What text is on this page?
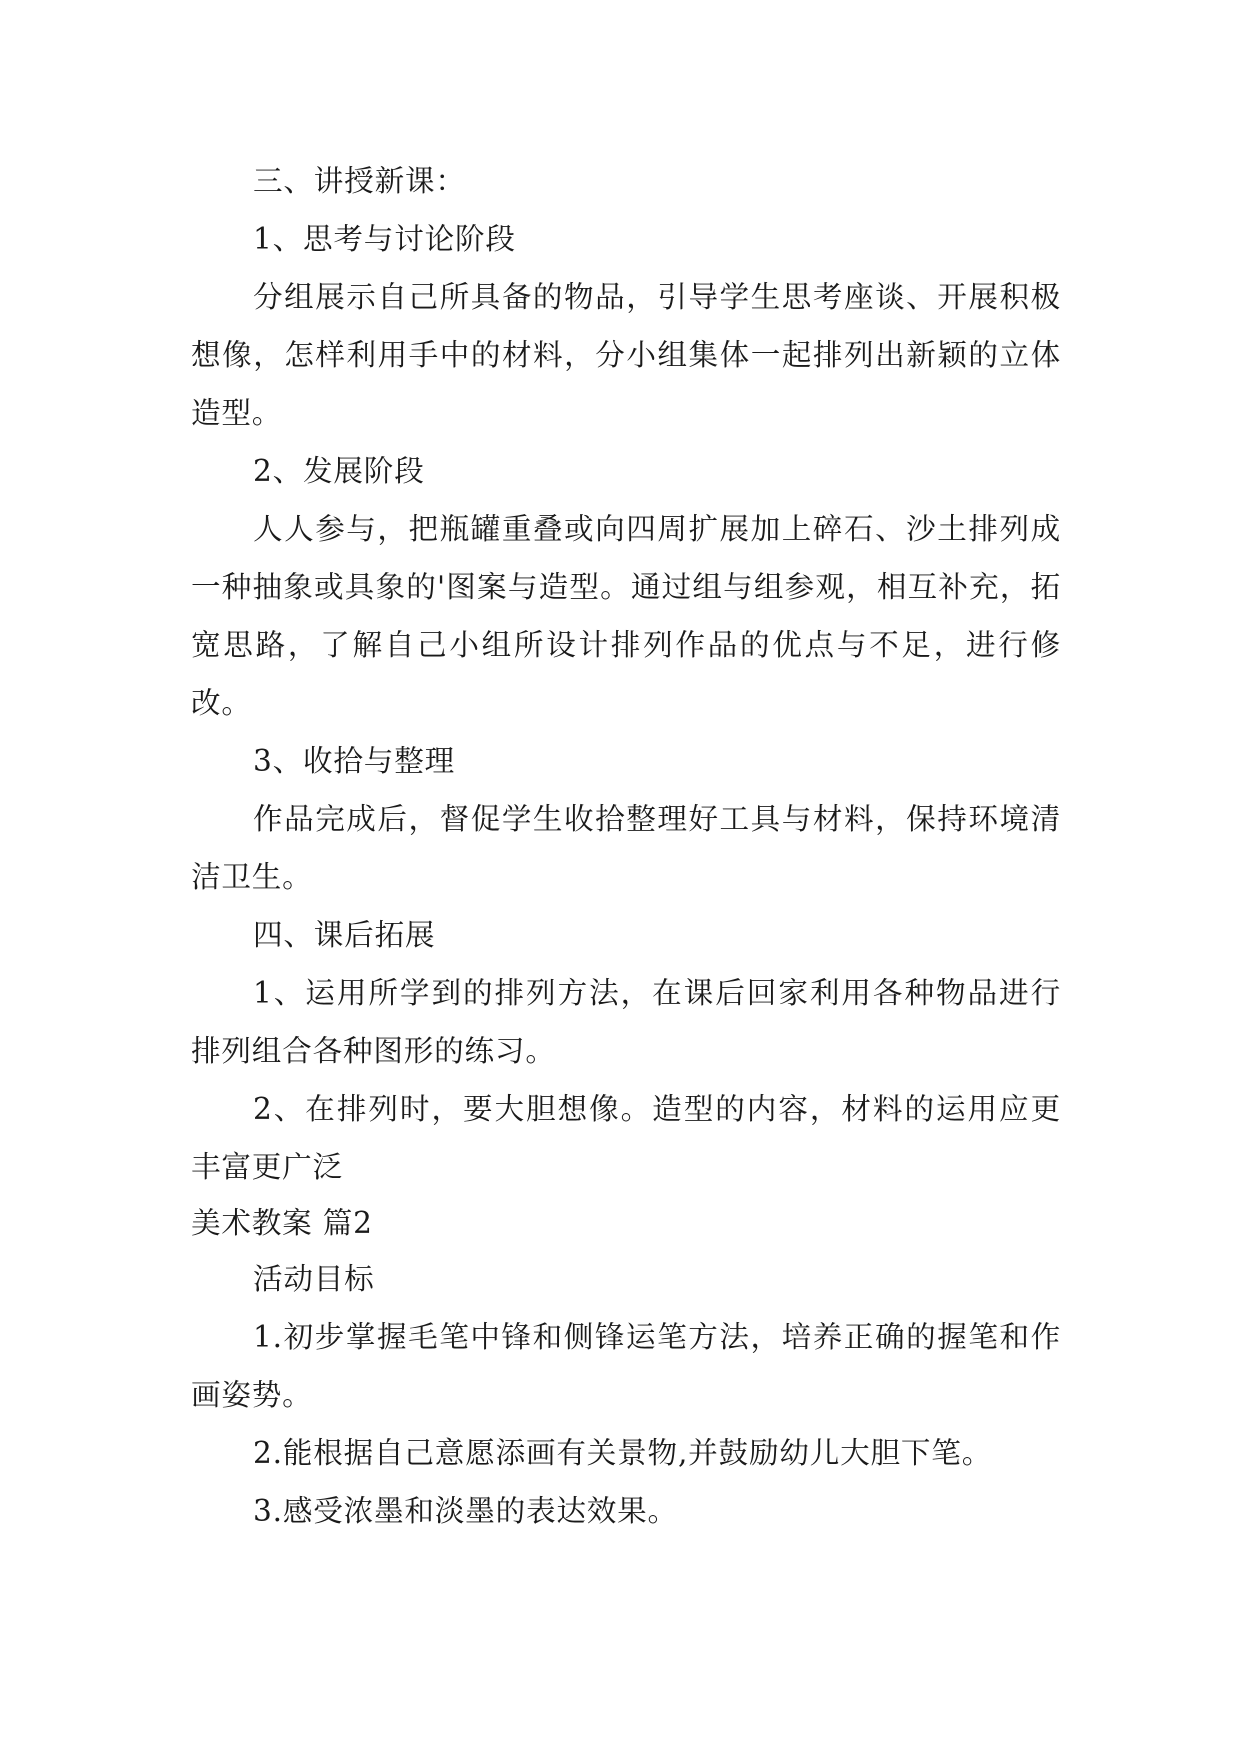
三、讲授新课：

1、思考与讨论阶段

分组展示自己所具备的物品，引导学生思考座谈、开展积极想像，怎样利用手中的材料，分小组集体一起排列出新颖的立体造型。

2、发展阶段

人人参与，把瓶罐重叠或向四周扩展加上碎石、沙土排列成一种抽象或具象的'图案与造型。通过组与组参观，相互补充，拓宽思路，了解自己小组所设计排列作品的优点与不足，进行修改。

3、收拾与整理

作品完成后，督促学生收拾整理好工具与材料，保持环境清洁卫生。

四、课后拓展

1、运用所学到的排列方法，在课后回家利用各种物品进行排列组合各种图形的练习。

2、在排列时，要大胆想像。造型的内容，材料的运用应更丰富更广泛

美术教案 篇2

活动目标

1.初步掌握毛笔中锋和侧锋运笔方法，培养正确的握笔和作画姿势。

2.能根据自己意愿添画有关景物,并鼓励幼儿大胆下笔。

3.感受浓墨和淡墨的表达效果。
